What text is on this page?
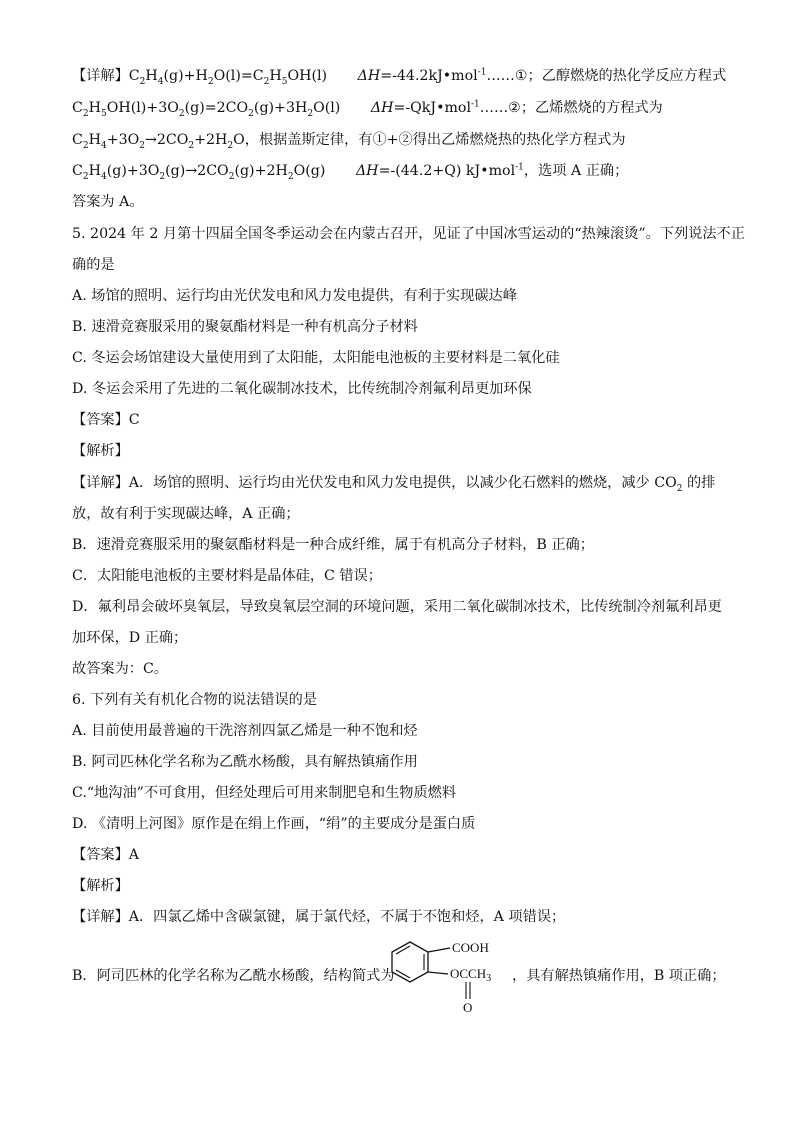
【详解】$C_2H_4(g)+H_2O(l)=C_2H_5OH(l)$ ΔH=-44.2kJ•mol$^{-1}$……①；乙醇燃烧的热化学反应方程式
$C_2H_5OH(l)+3O_2(g)=2CO_2(g)+3H_2O(l)$ ΔH=-QkJ•mol$^{-1}$……②；乙烯燃烧的方程式为
$C_2H_4+3O_2\to 2CO_2+2H_2O$，根据盖斯定律，有①+②得出乙烯燃烧热的热化学方程式为
$C_2H_4(g)+3O_2(g)\to 2CO_2(g)+2H_2O(g)$ ΔH=-(44.2+Q) kJ•mol$^{-1}$，选项 A 正确；
答案为 A。
5. 2024 年 2 月第十四届全国冬季运动会在内蒙古召开，见证了中国冰雪运动的“热辣滚烫”。下列说法不正
确的是
A. 场馆的照明、运行均由光伏发电和风力发电提供，有利于实现碳达峰
B. 速滑竞赛服采用的聚氨酯材料是一种有机高分子材料
C. 冬运会场馆建设大量使用到了太阳能，太阳能电池板的主要材料是二氧化硅
D. 冬运会采用了先进的二氧化碳制冰技术，比传统制冷剂氟利昂更加环保
【答案】C
【解析】
【详解】A．场馆的照明、运行均由光伏发电和风力发电提供，以减少化石燃料的燃烧，减少 $CO_2$ 的排
放，故有利于实现碳达峰，A 正确；
B．速滑竞赛服采用的聚氨酯材料是一种合成纤维，属于有机高分子材料，B 正确；
C．太阳能电池板的主要材料是晶体硅，C 错误；
D．氟利昂会破坏臭氧层，导致臭氧层空洞的环境问题，采用二氧化碳制冰技术，比传统制冷剂氟利昂更
加环保，D 正确；
故答案为：C。
6. 下列有关有机化合物的说法错误的是
A. 目前使用最普遍的干洗溶剂四氯乙烯是一种不饱和烃
B. 阿司匹林化学名称为乙酰水杨酸，具有解热镇痛作用
C.“地沟油”不可食用，但经处理后可用来制肥皂和生物质燃料
D. 《清明上河图》原作是在绢上作画，“绢”的主要成分是蛋白质
【答案】A
【解析】
【详解】A．四氯乙烯中含碳氯键，属于氯代烃，不属于不饱和烃，A 项错误；
B．阿司匹林的化学名称为乙酰水杨酸，结构简式为	，具有解热镇痛作用，B 项正确；
COOH
$OCCH_3$
O
